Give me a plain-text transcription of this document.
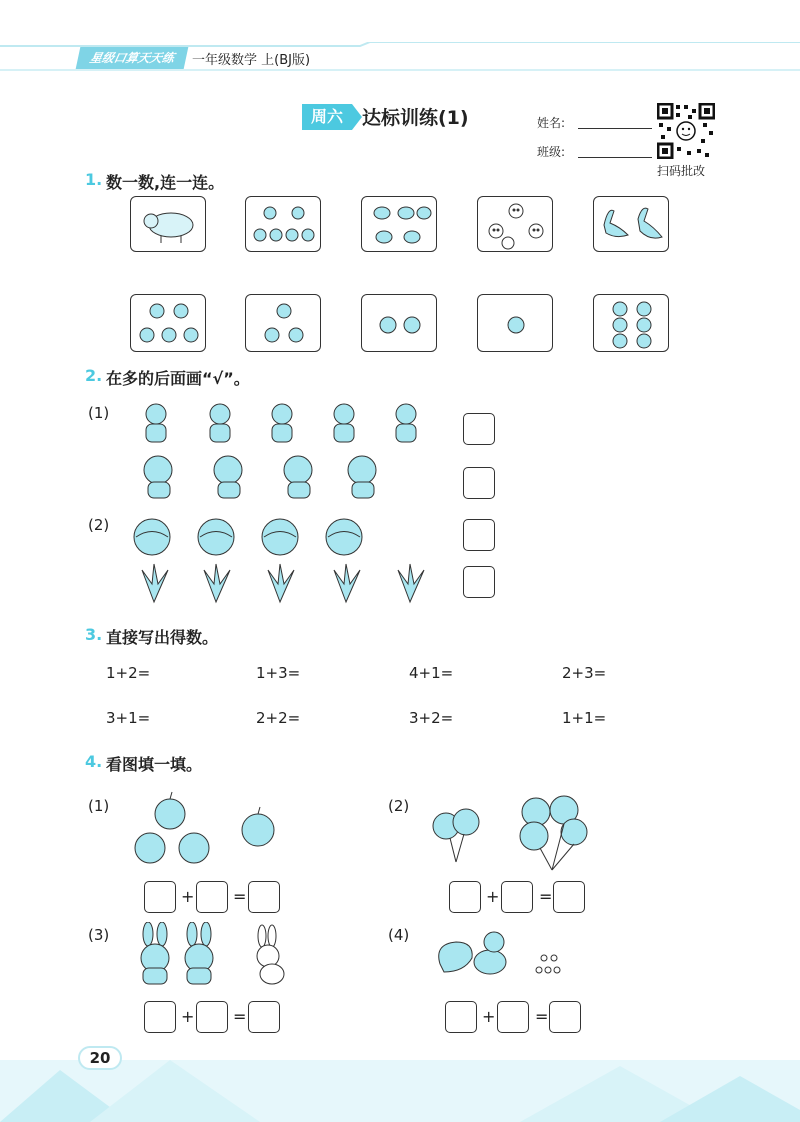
星级口算天天练	一年级数学 上(BJ版)
周六	达标训练(1)	姓名:
班级:
扫码批改
1. 数一数,连一连。
2. 在多的后面画“√”。
(1)
(2)
3. 直接写出得数。
1+2=	1+3=	4+1=	2+3=
3+1=	2+2=	3+2=	1+1=
4. 看图填一填。
(1)
+ =
(2)
+ =
(3)
+ =
(4)
+ =
20
